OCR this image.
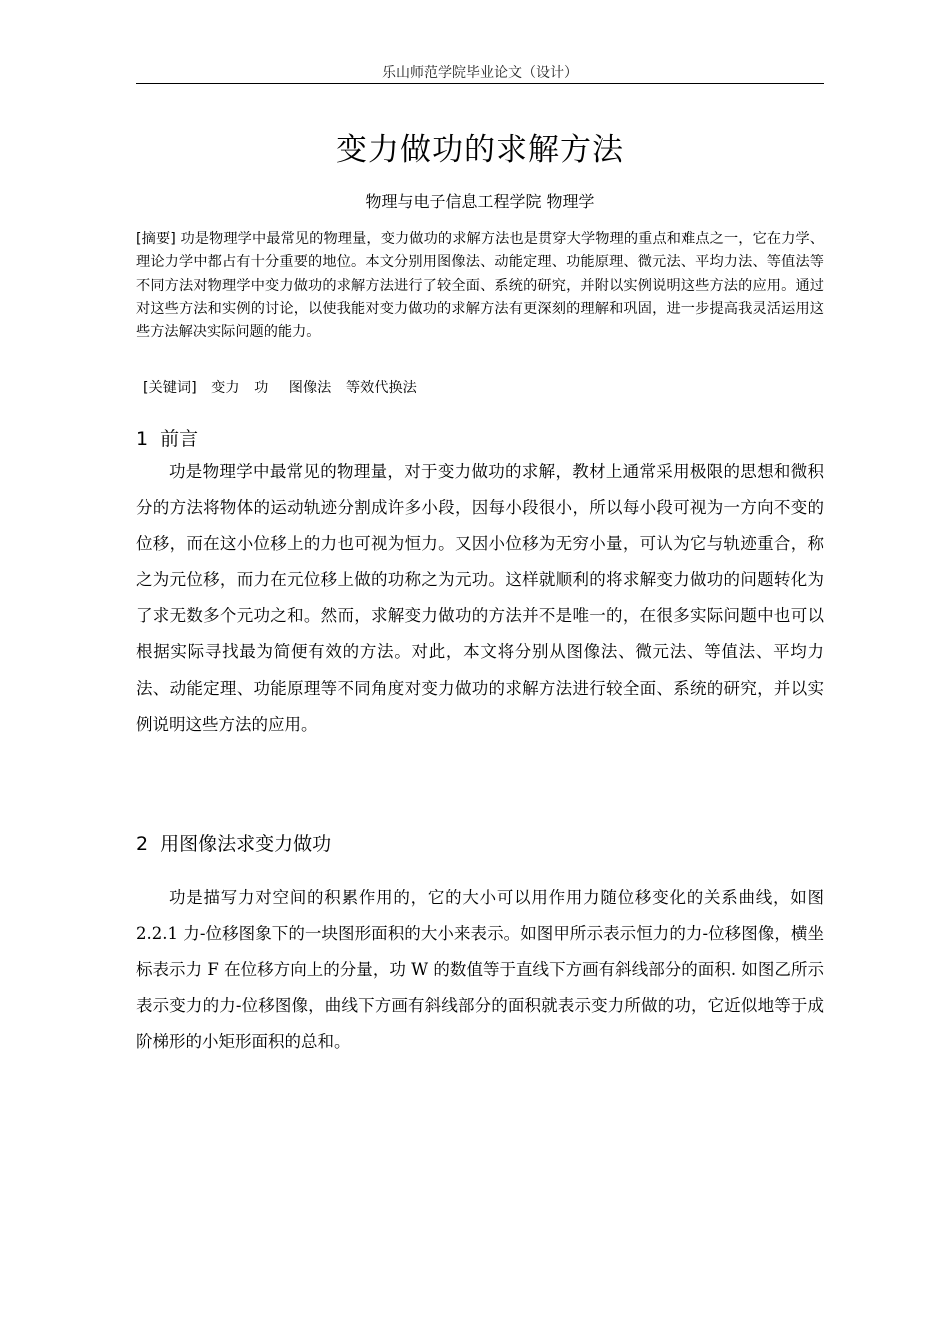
乐山师范学院毕业论文（设计）
变力做功的求解方法
物理与电子信息工程学院 物理学
[摘要] 功是物理学中最常见的物理量，变力做功的求解方法也是贯穿大学物理的重点和难点之一，它在力学、理论力学中都占有十分重要的地位。本文分别用图像法、动能定理、功能原理、微元法、平均力法、等值法等不同方法对物理学中变力做功的求解方法进行了较全面、系统的研究，并附以实例说明这些方法的应用。通过对这些方法和实例的讨论，以使我能对变力做功的求解方法有更深刻的理解和巩固，进一步提高我灵活运用这些方法解决实际问题的能力。
[关键词] 变力 功 图像法 等效代换法
1 前言

功是物理学中最常见的物理量，对于变力做功的求解，教材上通常采用极限的思想和微积分的方法将物体的运动轨迹分割成许多小段，因每小段很小，所以每小段可视为一方向不变的位移，而在这小位移上的力也可视为恒力。又因小位移为无穷小量，可认为它与轨迹重合，称之为元位移，而力在元位移上做的功称之为元功。这样就顺利的将求解变力做功的问题转化为了求无数多个元功之和。然而，求解变力做功的方法并不是唯一的，在很多实际问题中也可以根据实际寻找最为简便有效的方法。对此，本文将分别从图像法、微元法、等值法、平均力法、动能定理、功能原理等不同角度对变力做功的求解方法进行较全面、系统的研究，并以实例说明这些方法的应用。

2 用图像法求变力做功

功是描写力对空间的积累作用的，它的大小可以用作用力随位移变化的关系曲线，如图 2.2.1 力-位移图象下的一块图形面积的大小来表示。如图甲所示表示恒力的力-位移图像，横坐标表示力 F 在位移方向上的分量，功 W 的数值等于直线下方画有斜线部分的面积. 如图乙所示表示变力的力-位移图像，曲线下方画有斜线部分的面积就表示变力所做的功，它近似地等于成阶梯形的小矩形面积的总和。
